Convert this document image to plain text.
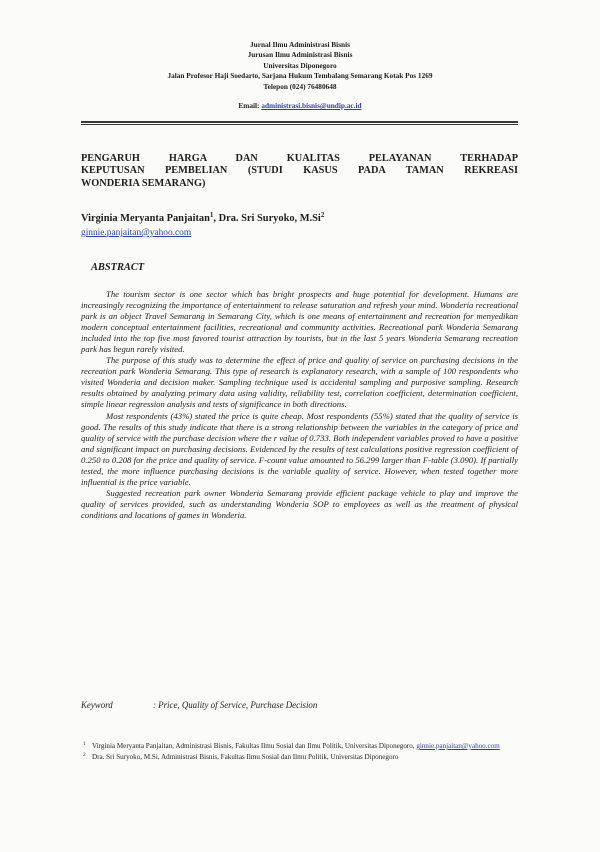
Jurnal Ilmu Administrasi Bisnis
Jurusan Ilmu Administrasi Bisnis
Universitas Diponegoro
Jalan Profesor Haji Soedarto, Sarjana Hukum Tembalang Semarang Kotak Pos 1269
Telepon (024) 76480648
Email: administrasi.bisnis@undip.ac.id
PENGARUH HARGA DAN KUALITAS PELAYANAN TERHADAP
KEPUTUSAN PEMBELIAN (STUDI KASUS PADA TAMAN REKREASI
WONDERIA SEMARANG)
Virginia Meryanta Panjaitan$^1$, Dra. Sri Suryoko, M.Si$^2$
ginnie.panjaitan@yahoo.com
ABSTRACT

The tourism sector is one sector which has bright prospects and huge potential for development. Humans are increasingly recognizing the importance of entertainment to release saturation and refresh your mind. Wonderia recreational park is an object Travel Semarang in Semarang City, which is one means of entertainment and recreation for menyedikan modern conceptual entertainment facilities, recreational and community activities. Recreational park Wonderia Semarang included into the top five most favored tourist attraction by tourists, but in the last 5 years Wonderia Semarang recreation park has begun rarely visited.

The purpose of this study was to determine the effect of price and quality of service on purchasing decisions in the recreation park Wonderia Semarang. This type of research is explanatory research, with a sample of 100 respondents who visited Wonderia and decision maker. Sampling technique used is accidental sampling and purposive sampling. Research results obtained by analyzing primary data using validity, reliability test, correlation coefficient, determination coefficient, simple linear regression analysis and tests of significance in both directions.

Most respondents (43%) stated the price is quite cheap. Most respondents (55%) stated that the quality of service is good. The results of this study indicate that there is a strong relationship between the variables in the category of price and quality of service with the purchase decision where the r value of 0.733. Both independent variables proved to have a positive and significant impact on purchasing decisions. Evidenced by the results of test calculations positive regression coefficient of 0.250 to 0.208 for the price and quality of service. F-count value amounted to 56.299 larger than F-table (3.090). If partially tested, the more influence purchasing decisions is the variable quality of service. However, when tested together more influential is the price variable.

Suggested recreation park owner Wonderia Semarang provide efficient package vehicle to play and improve the quality of services provided, such as understanding Wonderia SOP to employees as well as the treatment of physical conditions and locations of games in Wonderia.

Keyword	: Price, Quality of Service, Purchase Decision
1 Virginia Meryanta Panjaitan, Administrasi Bisnis, Fakultas Ilmu Sosial dan Ilmu Politik, Universitas Diponegoro, ginnie.panjaitan@yahoo.com
2 Dra. Sri Suryoko, M.Si, Administrasi Bisnis, Fakultas Ilmu Sosial dan Ilmu Politik, Universitas Diponegoro
